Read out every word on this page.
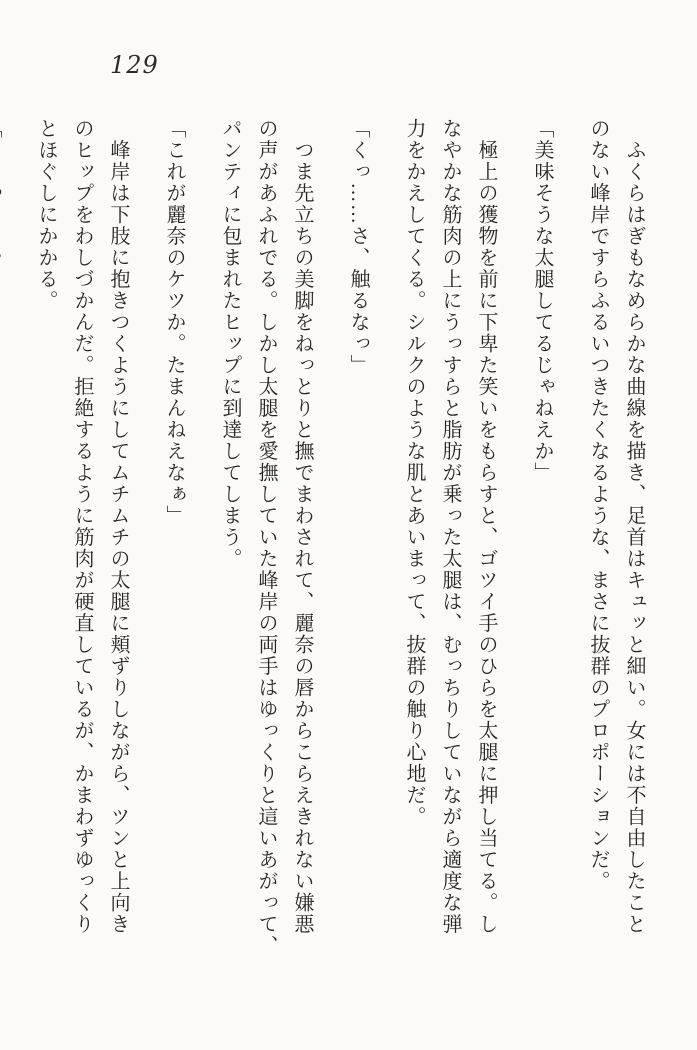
129

　ふくらはぎもなめらかな曲線を描き、足首はキュッと細い。女には不自由したこと
のない峰岸ですらふるいつきたくなるような、まさに抜群のプロポーションだ。

「美味そうな太腿してるじゃねえか」

　極上の獲物を前に下卑た笑いをもらすと、ゴツイ手のひらを太腿に押し当てる。し
なやかな筋肉の上にうっすらと脂肪が乗った太腿は、むっちりしていながら適度な弾
力をかえしてくる。シルクのような肌とあいまって、抜群の触り心地だ。

「くっ……さ、触るなっ」

　つま先立ちの美脚をねっとりと撫でまわされて、麗奈の唇からこらえきれない嫌悪
の声があふれでる。しかし太腿を愛撫していた峰岸の両手はゆっくりと這いあがって、
パンティに包まれたヒップに到達してしまう。

「これが麗奈のケツか。たまんねえなぁ」

　峰岸は下肢に抱きつくようにしてムチムチの太腿に頬ずりしながら、ツンと上向き
のヒップをわしづかんだ。拒絶するように筋肉が硬直しているが、かまわずゆっくり
とほぐしにかかる。
